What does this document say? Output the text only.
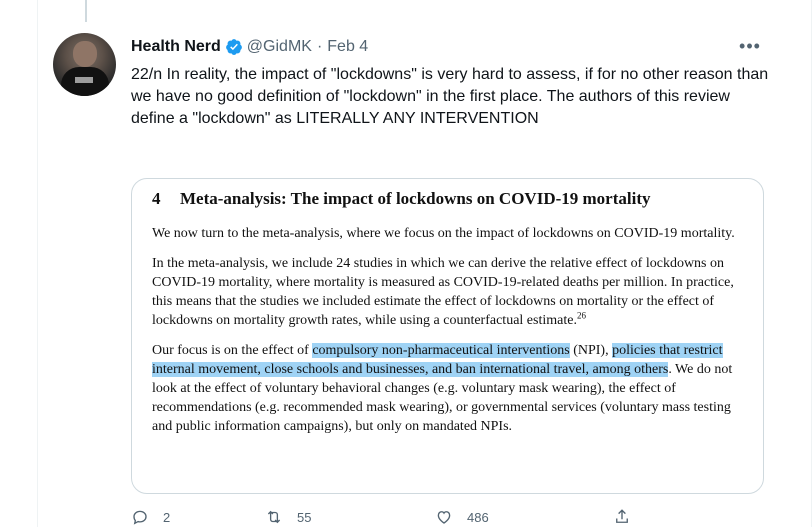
Health Nerd @GidMK · Feb 4	•••
22/n In reality, the impact of "lockdowns" is very hard to assess, if for no other reason than we have no good definition of "lockdown" in the first place. The authors of this review define a "lockdown" as LITERALLY ANY INTERVENTION
4 Meta-analysis: The impact of lockdowns on COVID-19 mortality

We now turn to the meta-analysis, where we focus on the impact of lockdowns on COVID-19 mortality.

In the meta-analysis, we include 24 studies in which we can derive the relative effect of lockdowns on COVID-19 mortality, where mortality is measured as COVID-19-related deaths per million. In practice, this means that the studies we included estimate the effect of lockdowns on mortality or the effect of lockdowns on mortality growth rates, while using a counterfactual estimate.$^{26}$

Our focus is on the effect of compulsory non-pharmaceutical interventions (NPI), policies that restrict internal movement, close schools and businesses, and ban international travel, among others. We do not look at the effect of voluntary behavioral changes (e.g. voluntary mask wearing), the effect of recommendations (e.g. recommended mask wearing), or governmental services (voluntary mass testing and public information campaigns), but only on mandated NPIs.

2	55	486
